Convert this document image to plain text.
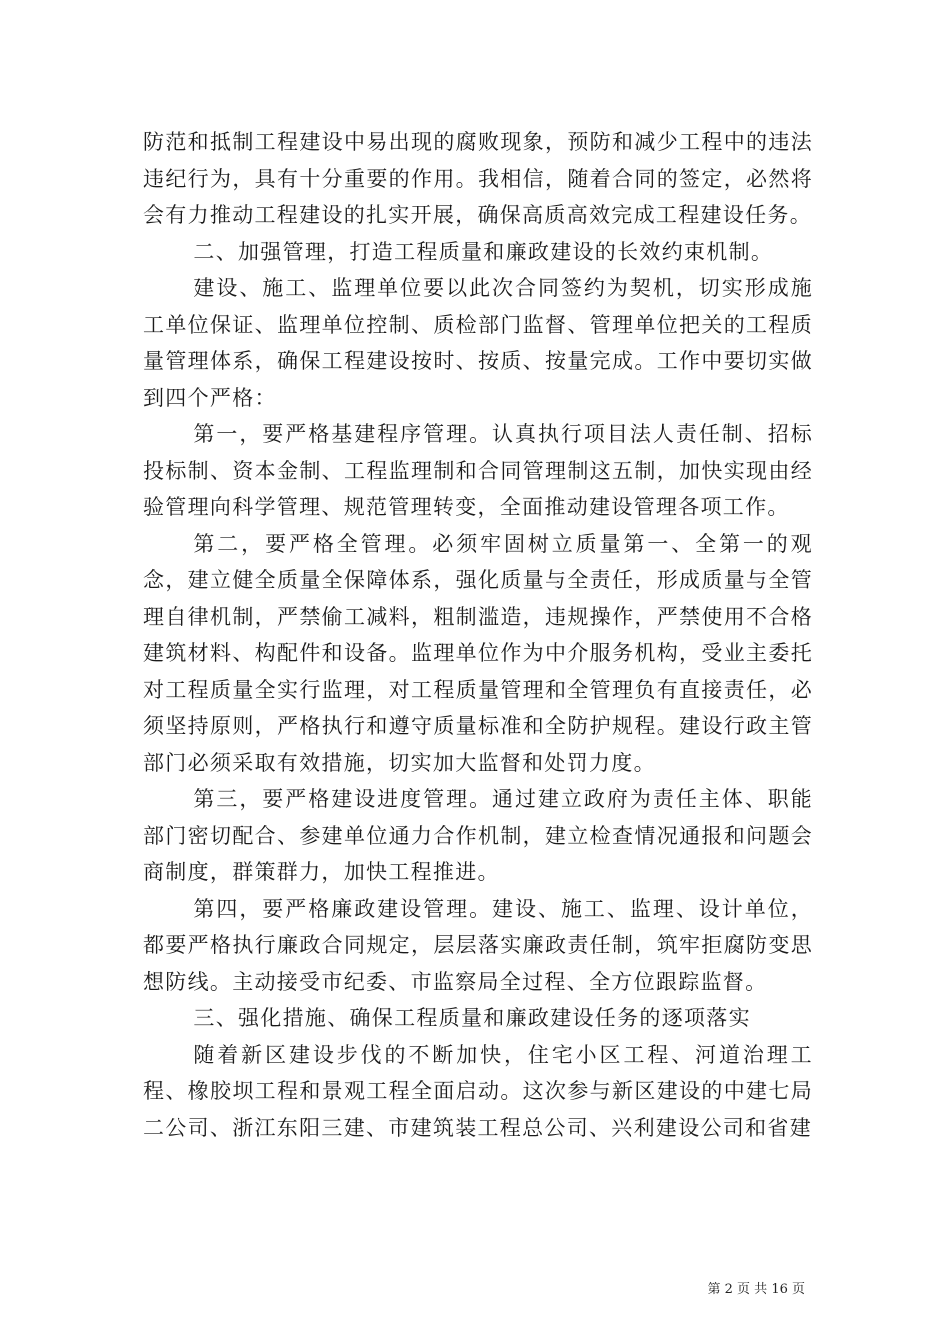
防范和抵制工程建设中易出现的腐败现象，预防和减少工程中的违法违纪行为，具有十分重要的作用。我相信，随着合同的签定，必然将会有力推动工程建设的扎实开展，确保高质高效完成工程建设任务。

二、加强管理，打造工程质量和廉政建设的长效约束机制。

建设、施工、监理单位要以此次合同签约为契机，切实形成施工单位保证、监理单位控制、质检部门监督、管理单位把关的工程质量管理体系，确保工程建设按时、按质、按量完成。工作中要切实做到四个严格：

第一，要严格基建程序管理。认真执行项目法人责任制、招标投标制、资本金制、工程监理制和合同管理制这五制，加快实现由经验管理向科学管理、规范管理转变，全面推动建设管理各项工作。

第二，要严格全管理。必须牢固树立质量第一、全第一的观念，建立健全质量全保障体系，强化质量与全责任，形成质量与全管理自律机制，严禁偷工减料，粗制滥造，违规操作，严禁使用不合格建筑材料、构配件和设备。监理单位作为中介服务机构，受业主委托对工程质量全实行监理，对工程质量管理和全管理负有直接责任，必须坚持原则，严格执行和遵守质量标准和全防护规程。建设行政主管部门必须采取有效措施，切实加大监督和处罚力度。

第三，要严格建设进度管理。通过建立政府为责任主体、职能部门密切配合、参建单位通力合作机制，建立检查情况通报和问题会商制度，群策群力，加快工程推进。

第四，要严格廉政建设管理。建设、施工、监理、设计单位，都要严格执行廉政合同规定，层层落实廉政责任制，筑牢拒腐防变思想防线。主动接受市纪委、市监察局全过程、全方位跟踪监督。

三、强化措施、确保工程质量和廉政建设任务的逐项落实

随着新区建设步伐的不断加快，住宅小区工程、河道治理工程、橡胶坝工程和景观工程全面启动。这次参与新区建设的中建七局二公司、浙江东阳三建、市建筑装工程总公司、兴利建设公司和省建

第 2 页 共 16 页
